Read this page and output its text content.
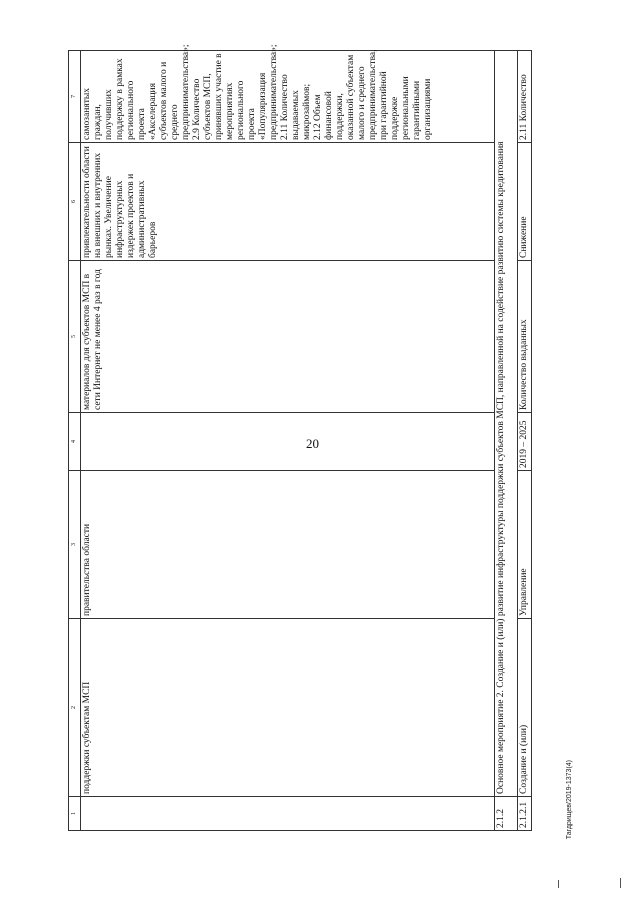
20
Тагдрищев/2019-1373(4)
1	2	3	4	5	6	7
	поддержки субъектам МСП	правительства области		материалов для субъектов МСП в сети Интернет не менее 4 раз в год	привлекательности области на внешних и внутренних рынках. Увеличение инфраструктурных издержек проектов и административных барьеров	самозанятых граждан, получивших поддержку в рамках регионального проекта «Акселерация субъектов малого и среднего предпринимательства»;
2.9 Количество субъектов МСП, принявших участие в мероприятиях регионального проекта «Популяризация предпринимательства»;
2.11 Количество выдаваемых микрозаймов;
2.12 Объем финансовой поддержки, оказанной субъектам малого и среднего предпринимательства, при гарантийной поддержке региональными гарантийными организациями
2.1.2	Основное мероприятие 2. Создание и (или) развитие инфраструктуры поддержки субъектов МСП, направленной на содействие развитию системы кредитования					
2.1.2.1	Создание и (или)	Управление	2019 – 2025	Количество выданных	Снижение	2.11 Количество
